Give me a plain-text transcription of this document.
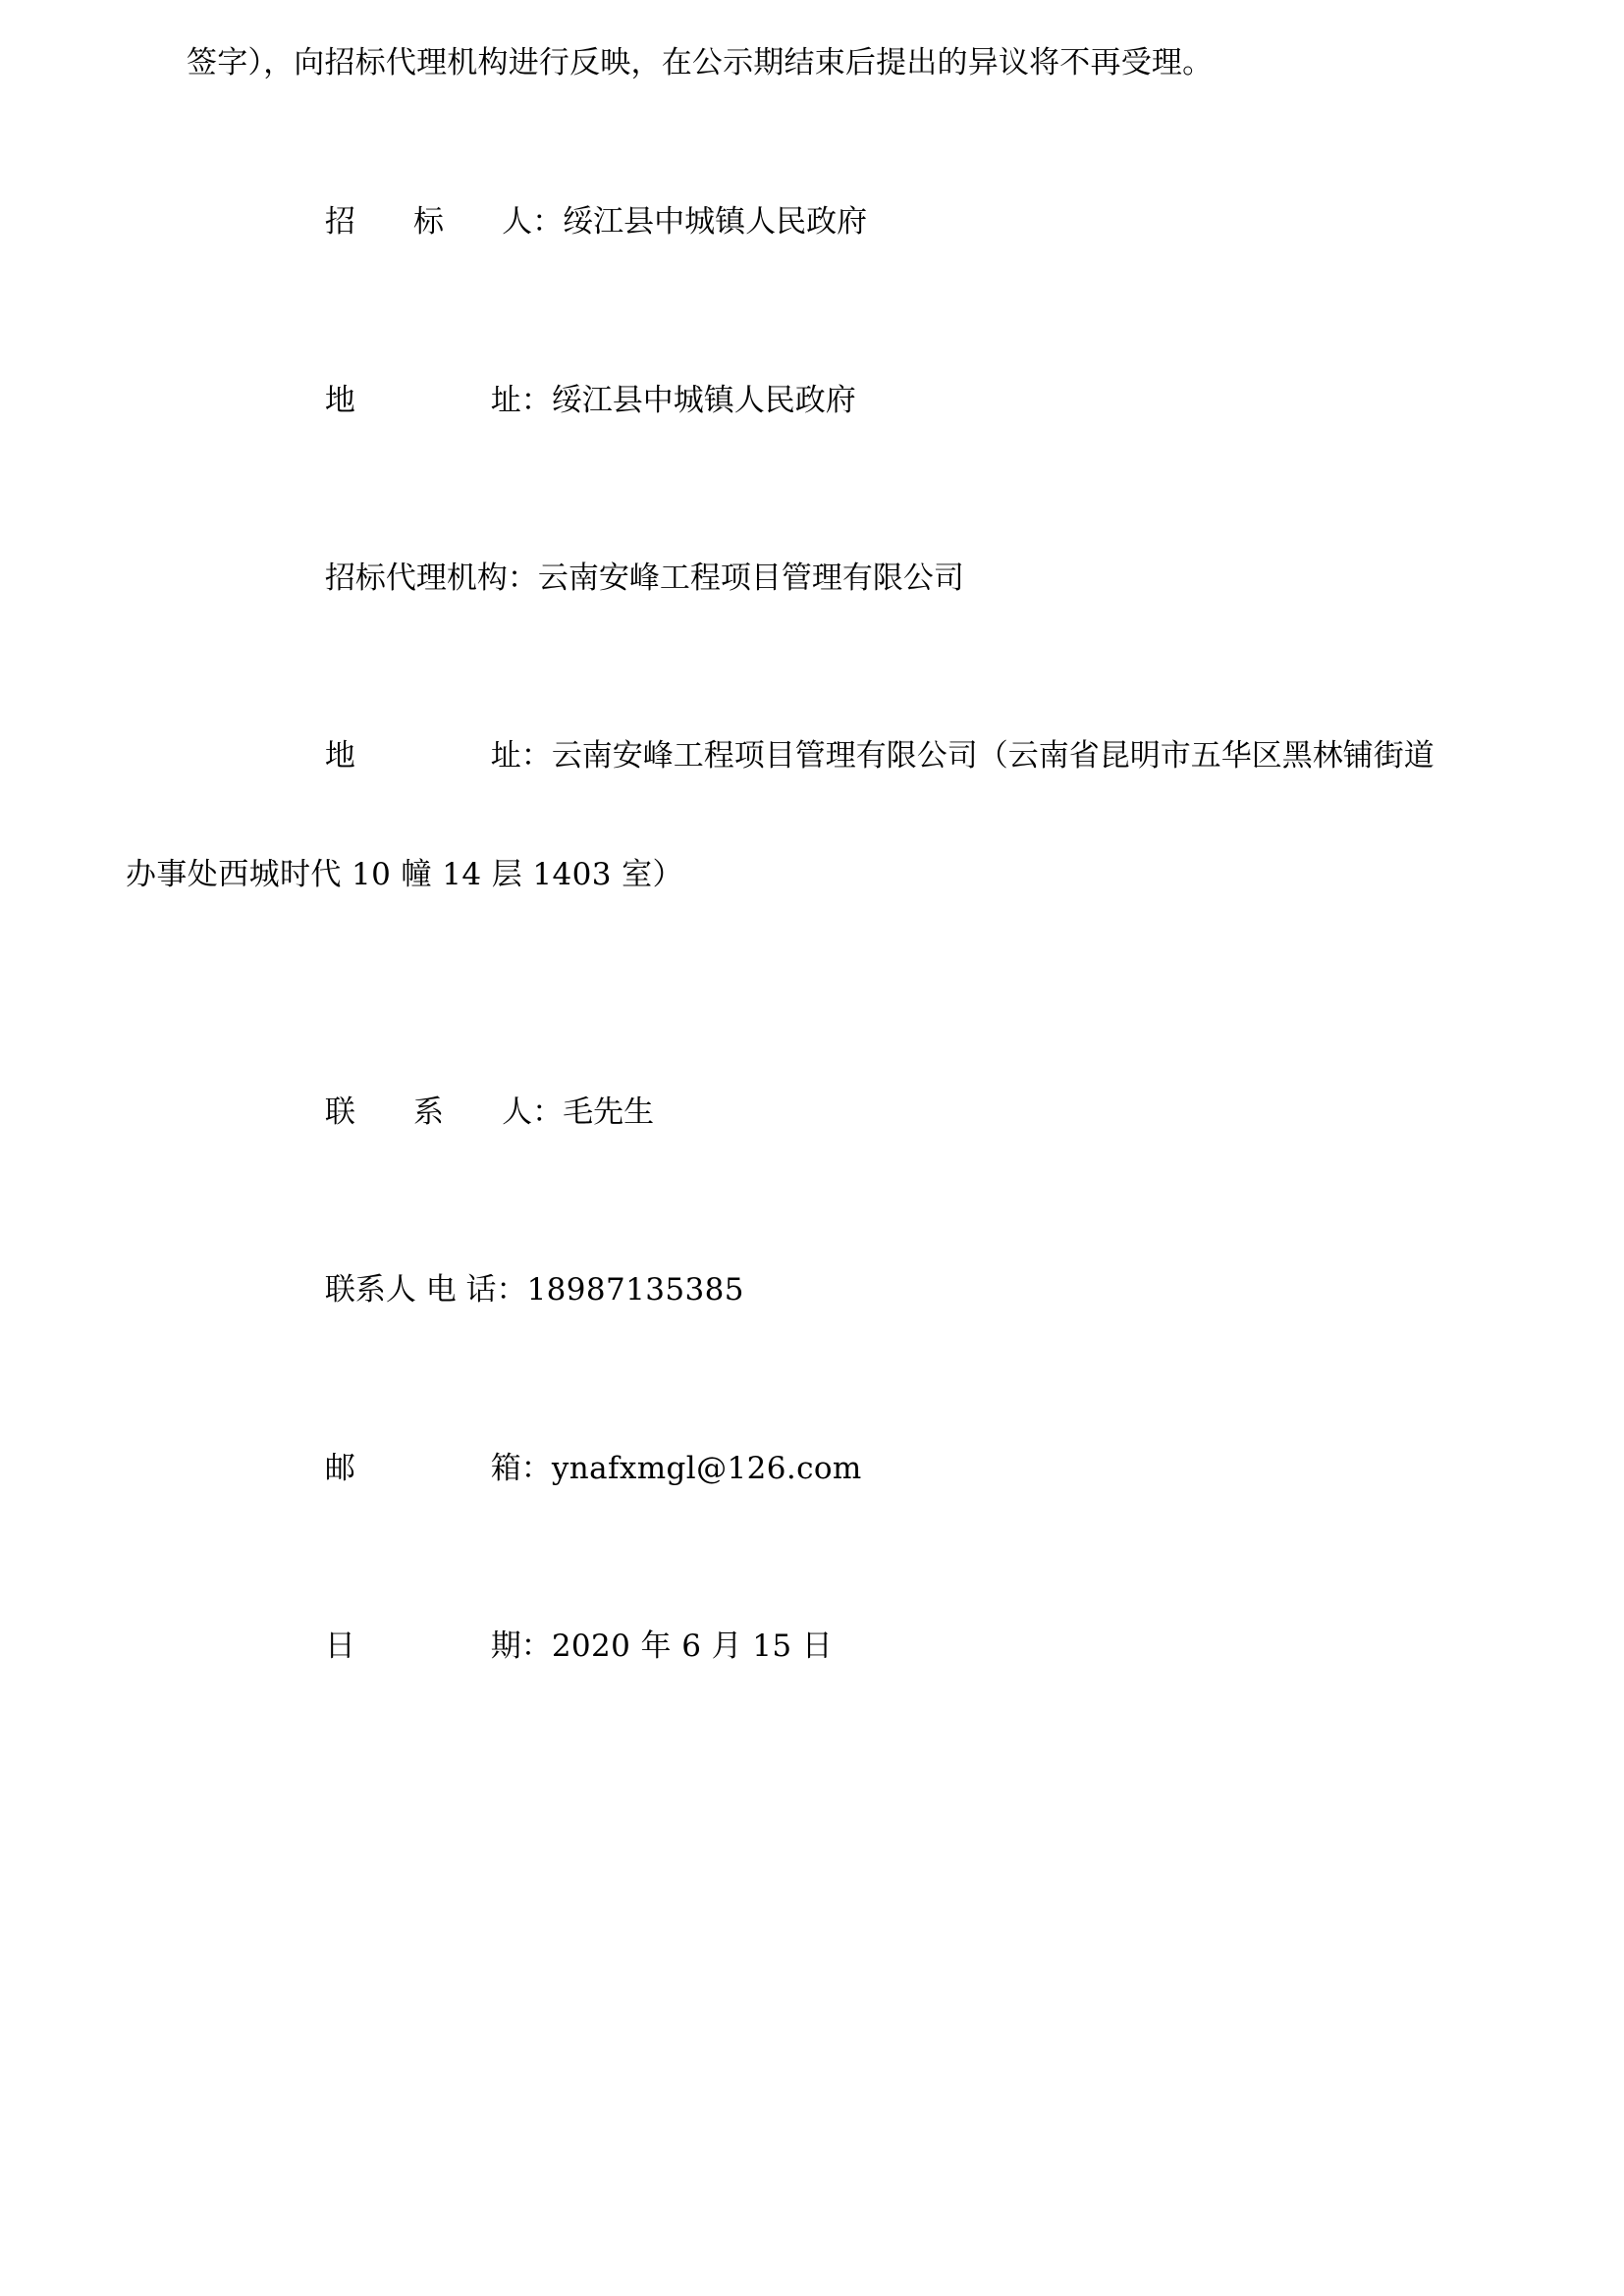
签字），向招标代理机构进行反映，在公示期结束后提出的异议将不再受理。

招      标      人：绥江县中城镇人民政府

地              址：绥江县中城镇人民政府

招标代理机构：云南安峰工程项目管理有限公司

地              址：云南安峰工程项目管理有限公司（云南省昆明市五华区黑林铺街道

办事处西城时代 10 幢 14 层 1403 室）

联      系      人：毛先生

联系人 电 话：18987135385

邮              箱：ynafxmgl@126.com

日              期：2020 年 6 月 15 日
